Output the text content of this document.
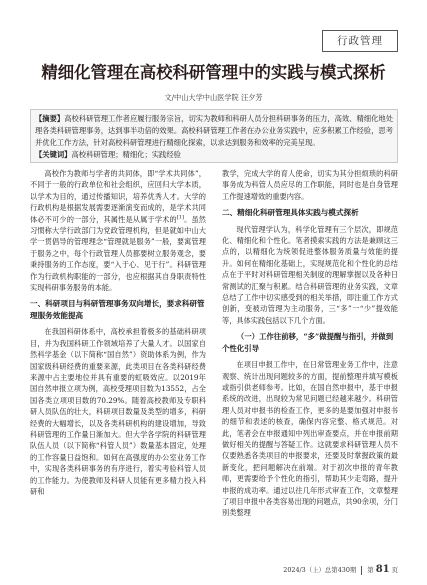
行政管理
精细化管理在高校科研管理中的实践与模式探析
文/中山大学中山医学院 汪夕芳

【摘要】高校科研管理工作者应履行服务宗旨，切实为教师和科研人员分担科研事务的压力，高效、精细化地处理各类科研管理事务，达到事半功倍的效果。高校科研管理工作者在办公业务实践中，应多积累工作经验，思考并优化工作方法，针对高校科研管理进行精细化探索，以求达到服务和效率的完美呈现。

【关键词】高校科研管理；精细化；实践经验

高校作为教师与学者的共同体，即“学术共同体”，不同于一般的行政单位和社会组织，应回归大学本质，以学术为目的，通过传播知识，培养优秀人才。大学的行政机构是根据发展需要逐渐演变而成的，是学术共同体必不可少的一部分，其属性是从属于学术的[1]。虽然习惯称大学行政部门为党政管理机构，但是就如中山大学一贯倡导的管理理念“管理就是服务”一般，要寓管理于服务之中，每个行政管理人员都要树立服务观念，要秉持服务的工作态度，要“入于心、见于行”。科研管理作为行政机构职能的一部分，也应根据其自身职责特性实现科研事务服务的本能。

一、科研项目与科研管理事务双向增长，要求科研管理服务效能提高

在我国科研体系中，高校承担着极多的基础科研项目，并为我国科研工作领域培养了大量人才。以国家自然科学基金（以下简称“国自然”）资助体系为例，作为国家级科研经费的重要来源，此类项目在各类科研经费来源中占主要地位并具有重要的虹吸效应。以2019年国自然申报立项为例，高校受理项目数为13552，占全国各类立项项目数的70.29%。随着高校教师及专职科研人员队伍的壮大，科研项目数量及类型的增多，科研经费的大幅增长，以及各类科研机构的建设增加，导致科研管理的工作量日渐加大。但大学各学院的科研管理队伍人员（以下简称“科管人员”）数量基本固定，处理的工作容量日益饱和。如何在高强度的办公室业务工作中，实现各类科研事务的有序进行，着实考验科管人员的工作能力。为使教师及科研人员能有更多精力投入科研和

教学，完成大学的育人使命，切实为其分担烦琐的科研事务成为科管人员应尽的工作职能，同时也是自身管理工作提速增效的重要内容。

二、精细化科研管理具体实践与模式探析

现代管理学认为，科学化管理有三个层次，即规范化、精细化和个性化。笔者摸索实践的方法是兼顾这三点的，以精细化为统领促进整体服务质量与效能的提升。如何在精细化基础上，实现规范化和个性化的总结点在于平时对科研管理相关制度的理解掌握以及各种日常测试的汇聚与积累。结合科研管理的业务实践，文章总结了工作中切实感受到的相关举措，即注重工作方式创新，变被动管理为主动服务，三“多”一“少”提效能等，具体实践包括以下几个方面。

（一）工作往前移，“多”做提醒与指引，并做到个性化引导

在项目申报工作中，在日常管理业务工作中，注意观察、统计出现问题较多的方面，提前整理并填写模板或指引供老师参考。比如，在国自然申报中，基于申报系统的改进，出现较为常见问题已经越来越少。科研管理人员对申报书的检查工作，更多的是要加强对申报书的细节和表述的核查，确保内容完整、格式规范。对此，笔者会在申报通知中列出审查要点，并在申报前期做好相关的提醒与答疑工作。这就要求科研管理人员不仅要熟悉各类项目的申报要求，还要及时掌握政策的最新变化，把问题解决在前端。对于初次申报的青年教师，更需要给予个性化的指引，帮助其少走弯路，提升申报的成功率。通过以往几年形式审查工作，文章整理了项目申报中各类容易出现的问题点，共90余项，分门别类整理

2024/3（上）总第430期 第 81 页
